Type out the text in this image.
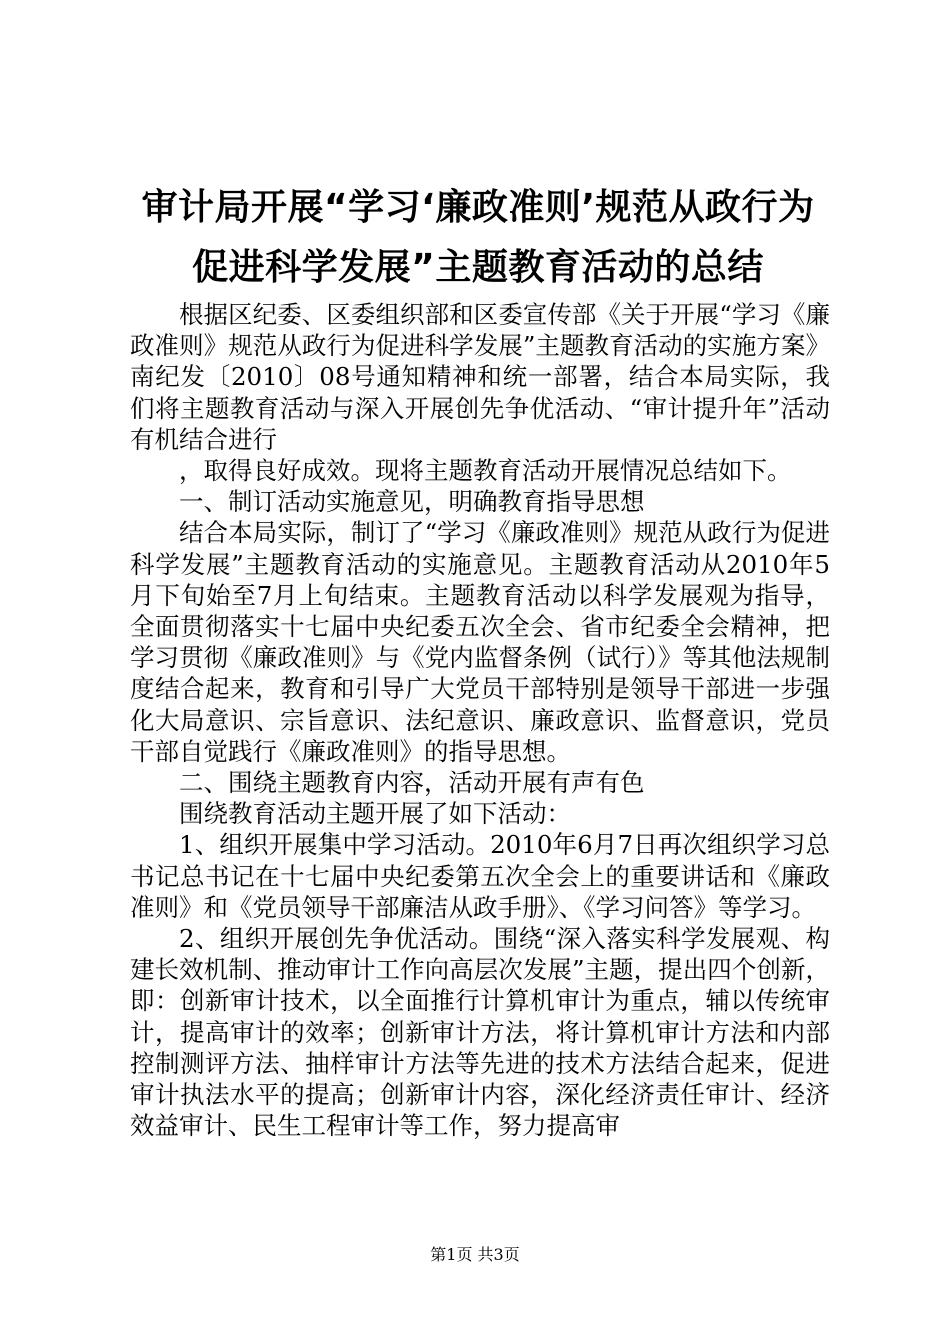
审计局开展“学习‘廉政准则’规范从政行为
促进科学发展”主题教育活动的总结

根据区纪委、区委组织部和区委宣传部《关于开展“学习《廉政准则》规范从政行为促进科学发展”主题教育活动的实施方案》南纪发〔2010〕08号通知精神和统一部署，结合本局实际，我们将主题教育活动与深入开展创先争优活动、“审计提升年”活动有机结合进行

，取得良好成效。现将主题教育活动开展情况总结如下。

一、制订活动实施意见，明确教育指导思想

结合本局实际，制订了“学习《廉政准则》规范从政行为促进科学发展”主题教育活动的实施意见。主题教育活动从2010年5月下旬始至7月上旬结束。主题教育活动以科学发展观为指导，全面贯彻落实十七届中央纪委五次全会、省市纪委全会精神，把学习贯彻《廉政准则》与《党内监督条例（试行）》等其他法规制度结合起来，教育和引导广大党员干部特别是领导干部进一步强化大局意识、宗旨意识、法纪意识、廉政意识、监督意识，党员干部自觉践行《廉政准则》的指导思想。

二、围绕主题教育内容，活动开展有声有色

围绕教育活动主题开展了如下活动：

1、组织开展集中学习活动。2010年6月7日再次组织学习总书记总书记在十七届中央纪委第五次全会上的重要讲话和《廉政准则》和《党员领导干部廉洁从政手册》、《学习问答》等学习。

2、组织开展创先争优活动。围绕“深入落实科学发展观、构建长效机制、推动审计工作向高层次发展”主题，提出四个创新，即：创新审计技术，以全面推行计算机审计为重点，辅以传统审计，提高审计的效率；创新审计方法，将计算机审计方法和内部控制测评方法、抽样审计方法等先进的技术方法结合起来，促进审计执法水平的提高；创新审计内容，深化经济责任审计、经济效益审计、民生工程审计等工作，努力提高审

第1页 共3页
